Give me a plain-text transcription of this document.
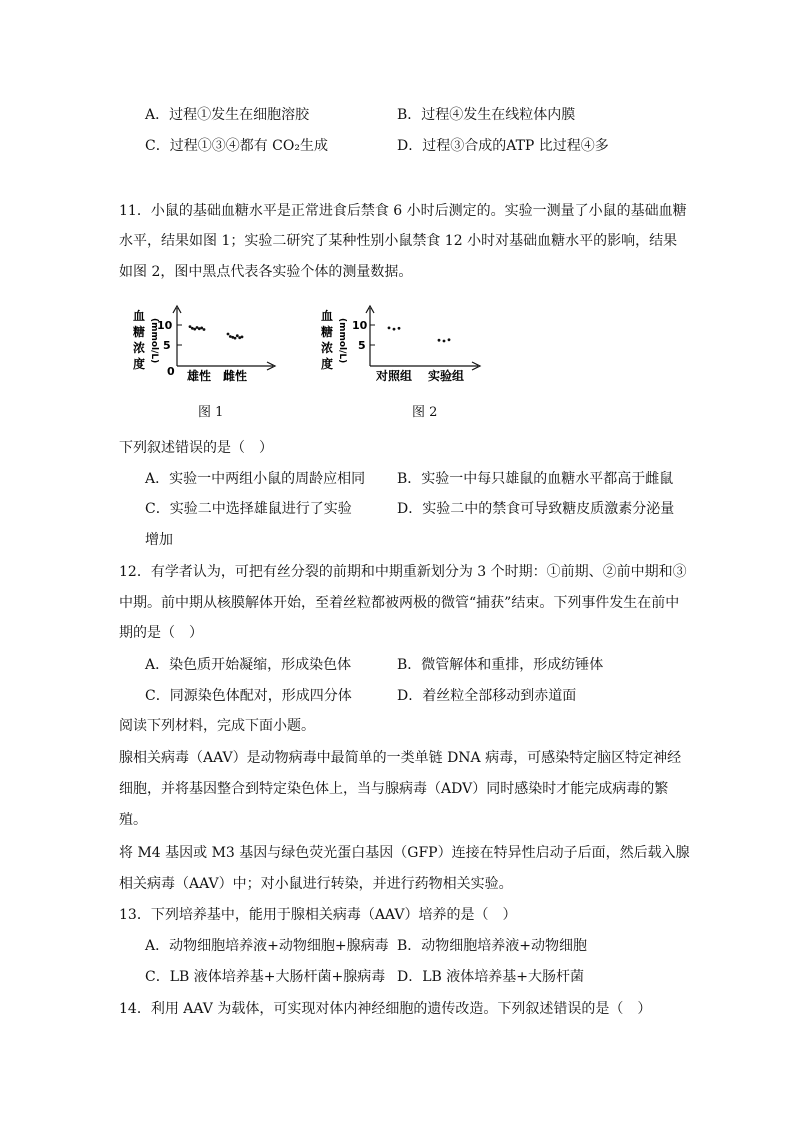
A．过程①发生在细胞溶胶	B．过程④发生在线粒体内膜
C．过程①③④都有 CO₂生成	D．过程③合成的ATP 比过程④多
11．小鼠的基础血糖水平是正常进食后禁食 6 小时后测定的。实验一测量了小鼠的基础血糖
水平，结果如图 1；实验二研究了某种性别小鼠禁食 12 小时对基础血糖水平的影响，结果
如图 2，图中黑点代表各实验个体的测量数据。
血
糖
浓
度
(mmol/L)
10
5
0 雄性 雌性
图 1
血
糖
浓
度
(mmol/L) 10
5
对照组 实验组
图 2
下列叙述错误的是（　）
A．实验一中两组小鼠的周龄应相同 B．实验一中每只雄鼠的血糖水平都高于雌鼠
C．实验二中选择雄鼠进行了实验	D．实验二中的禁食可导致糖皮质激素分泌量
增加
12．有学者认为，可把有丝分裂的前期和中期重新划分为 3 个时期：①前期、②前中期和③
中期。前中期从核膜解体开始，至着丝粒都被两极的微管“捕获”结束。下列事件发生在前中
期的是（　）
A．染色质开始凝缩，形成染色体	B．微管解体和重排，形成纺锤体
C．同源染色体配对，形成四分体	D．着丝粒全部移动到赤道面
阅读下列材料，完成下面小题。
腺相关病毒（AAV）是动物病毒中最简单的一类单链 DNA 病毒，可感染特定脑区特定神经
细胞，并将基因整合到特定染色体上，当与腺病毒（ADV）同时感染时才能完成病毒的繁
殖。
将 M4 基因或 M3 基因与绿色荧光蛋白基因（GFP）连接在特异性启动子后面，然后载入腺
相关病毒（AAV）中；对小鼠进行转染，并进行药物相关实验。
13．下列培养基中，能用于腺相关病毒（AAV）培养的是（　）
A．动物细胞培养液+动物细胞+腺病毒 B．动物细胞培养液+动物细胞
C．LB 液体培养基+大肠杆菌+腺病毒 D．LB 液体培养基+大肠杆菌
14．利用 AAV 为载体，可实现对体内神经细胞的遗传改造。下列叙述错误的是（　）
